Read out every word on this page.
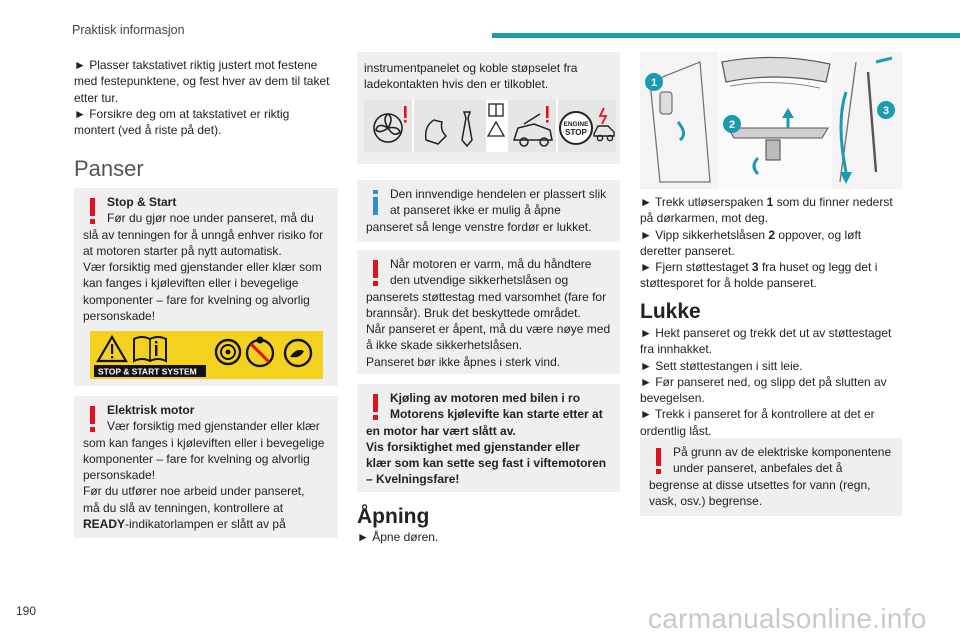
Praktisk informasjon

► Plasser takstativet riktig justert mot festene

med festepunktene, og fest hver av dem til taket

etter tur.

► Forsikre deg om at takstativet er riktig

montert (ved å riste på det).

Panser

Stop & Start

Før du gjør noe under panseret, må du

slå av tenningen for å unngå enhver risiko for

at motoren starter på nytt automatisk.

Vær forsiktig med gjenstander eller klær som

kan fanges i kjøleviften eller i bevegelige

komponenter – fare for kvelning og alvorlig

personskade!

STOP & START SYSTEM

Elektrisk motor

Vær forsiktig med gjenstander eller klær

som kan fanges i kjøleviften eller i bevegelige

komponenter – fare for kvelning og alvorlig

personskade!

Før du utfører noe arbeid under panseret,

må du slå av tenningen, kontrollere at

READY-indikatorlampen er slått av på

instrumentpanelet og koble støpselet fra

ladekontakten hvis den er tilkoblet.

ENGINE
STOP

Den innvendige hendelen er plassert slik

at panseret ikke er mulig å åpne

panseret så lenge venstre fordør er lukket.

Når motoren er varm, må du håndtere

den utvendige sikkerhetslåsen og

panserets støttestag med varsomhet (fare for

brannsår). Bruk det beskyttede området.

Når panseret er åpent, må du være nøye med

å ikke skade sikkerhetslåsen.

Panseret bør ikke åpnes i sterk vind.

Kjøling av motoren med bilen i ro

Motorens kjølevifte kan starte etter at

en motor har vært slått av.

Vis forsiktighet med gjenstander eller

klær som kan sette seg fast i viftemotoren

– Kvelningsfare!

Åpning
► Åpne døren.
1
2
3

► Trekk utløserspaken 1 som du finner nederst

på dørkarmen, mot deg.

► Vipp sikkerhetslåsen 2 oppover, og løft

deretter panseret.

► Fjern støttestaget 3 fra huset og legg det i

støttesporet for å holde panseret.

Lukke

► Hekt panseret og trekk det ut av støttestaget

fra innhakket.

► Sett støttestangen i sitt leie.

► Før panseret ned, og slipp det på slutten av

bevegelsen.

► Trekk i panseret for å kontrollere at det er

ordentlig låst.

På grunn av de elektriske komponentene

under panseret, anbefales det å

begrense at disse utsettes for vann (regn,

vask, osv.) begrense.

190	carmanualsonline.info
